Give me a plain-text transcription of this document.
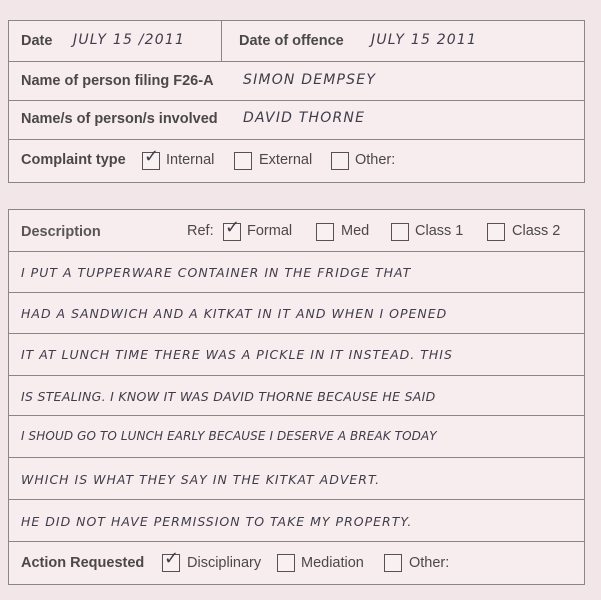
Date JULY 15 /2011	Date of offence JULY 15 2011
Name of person filing F26-A SIMON DEMPSEY
Name/s of person/s involved DAVID THORNE
Complaint type ✓ Internal	External	Other:
Description	Ref: ✓ Formal	Med	Class 1	Class 2
I PUT A TUPPERWARE CONTAINER IN THE FRIDGE THAT
HAD A SANDWICH AND A KITKAT IN IT AND WHEN I OPENED
IT AT LUNCH TIME THERE WAS A PICKLE IN IT INSTEAD. THIS
IS STEALING. I KNOW IT WAS DAVID THORNE BECAUSE HE SAID
I SHOUD GO TO LUNCH EARLY BECAUSE I DESERVE A BREAK TODAY
WHICH IS WHAT THEY SAY IN THE KITKAT ADVERT.
HE DID NOT HAVE PERMISSION TO TAKE MY PROPERTY.
Action Requested ✓ Disciplinary	Mediation	Other:
